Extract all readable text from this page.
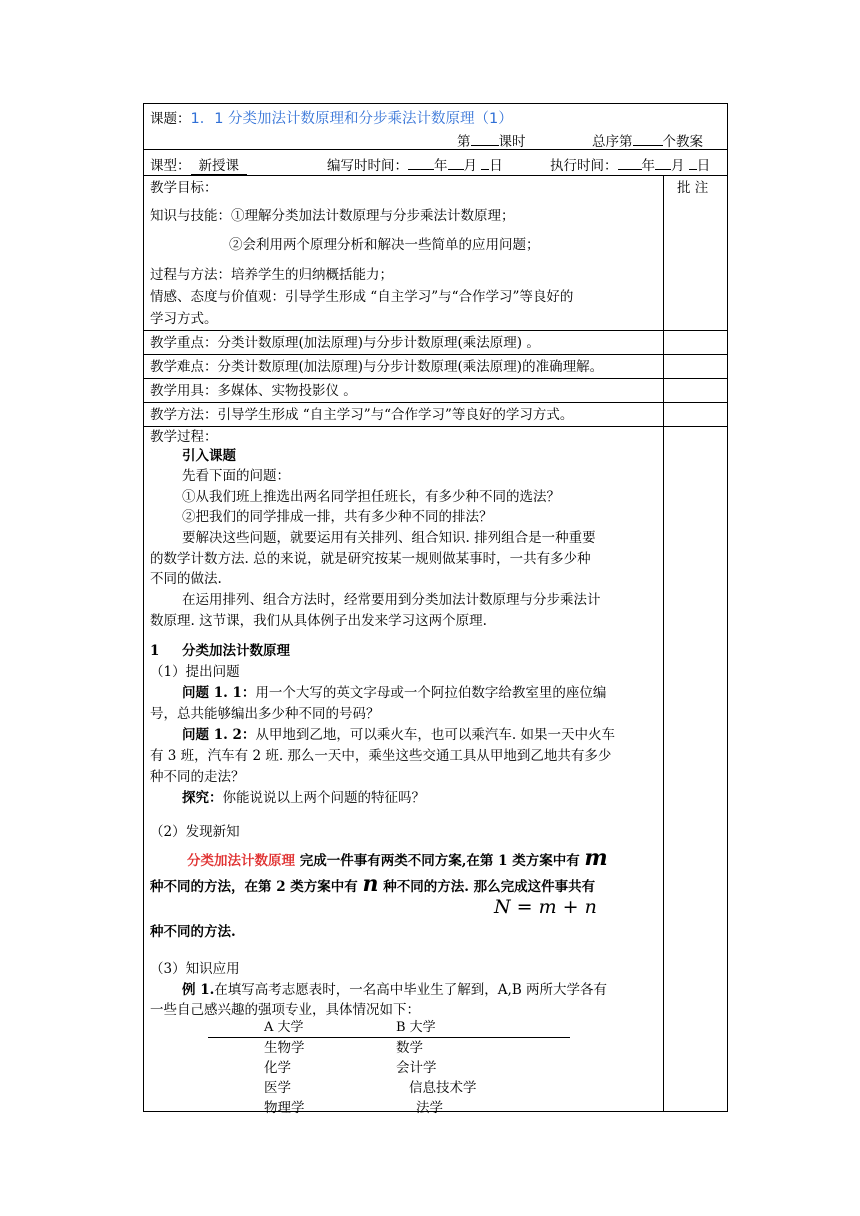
课题：1．1 分类加法计数原理和分步乘法计数原理（1）
第 课时	总序第 个教案
课型： 新授课	编写时时间： 年 月 日	执行时间： 年 月 日
教学目标：
知识与技能：①理解分类加法计数原理与分步乘法计数原理；
②会利用两个原理分析和解决一些简单的应用问题；
过程与方法：培养学生的归纳概括能力；
情感、态度与价值观：引导学生形成 “自主学习”与“合作学习”等良好的
学习方式。
批 注
教学重点：分类计数原理(加法原理)与分步计数原理(乘法原理) 。
教学难点：分类计数原理(加法原理)与分步计数原理(乘法原理)的准确理解。
教学用具：多媒体、实物投影仪 。
教学方法：引导学生形成 “自主学习”与“合作学习”等良好的学习方式。
教学过程：
引入课题
先看下面的问题：
①从我们班上推选出两名同学担任班长，有多少种不同的选法？
②把我们的同学排成一排，共有多少种不同的排法？
要解决这些问题，就要运用有关排列、组合知识. 排列组合是一种重要
的数学计数方法. 总的来说，就是研究按某一规则做某事时，一共有多少种
不同的做法.
在运用排列、组合方法时，经常要用到分类加法计数原理与分步乘法计
数原理. 这节课，我们从具体例子出发来学习这两个原理.
1 分类加法计数原理
（1）提出问题
问题 1. 1：用一个大写的英文字母或一个阿拉伯数字给教室里的座位编
号，总共能够编出多少种不同的号码？
问题 1. 2：从甲地到乙地，可以乘火车，也可以乘汽车. 如果一天中火车
有 3 班，汽车有 2 班. 那么一天中，乘坐这些交通工具从甲地到乙地共有多少
种不同的走法？
探究：你能说说以上两个问题的特征吗？
（2）发现新知
分类加法计数原理 完成一件事有两类不同方案,在第 1 类方案中有 m
种不同的方法，在第 2 类方案中有 n 种不同的方法. 那么完成这件事共有
N = m + n
种不同的方法.
（3）知识应用
例 1.在填写高考志愿表时，一名高中毕业生了解到，A,B 两所大学各有
一些自己感兴趣的强项专业，具体情况如下：
A 大学	B 大学
生物学	数学
化学	会计学
医学	信息技术学
物理学	法学
